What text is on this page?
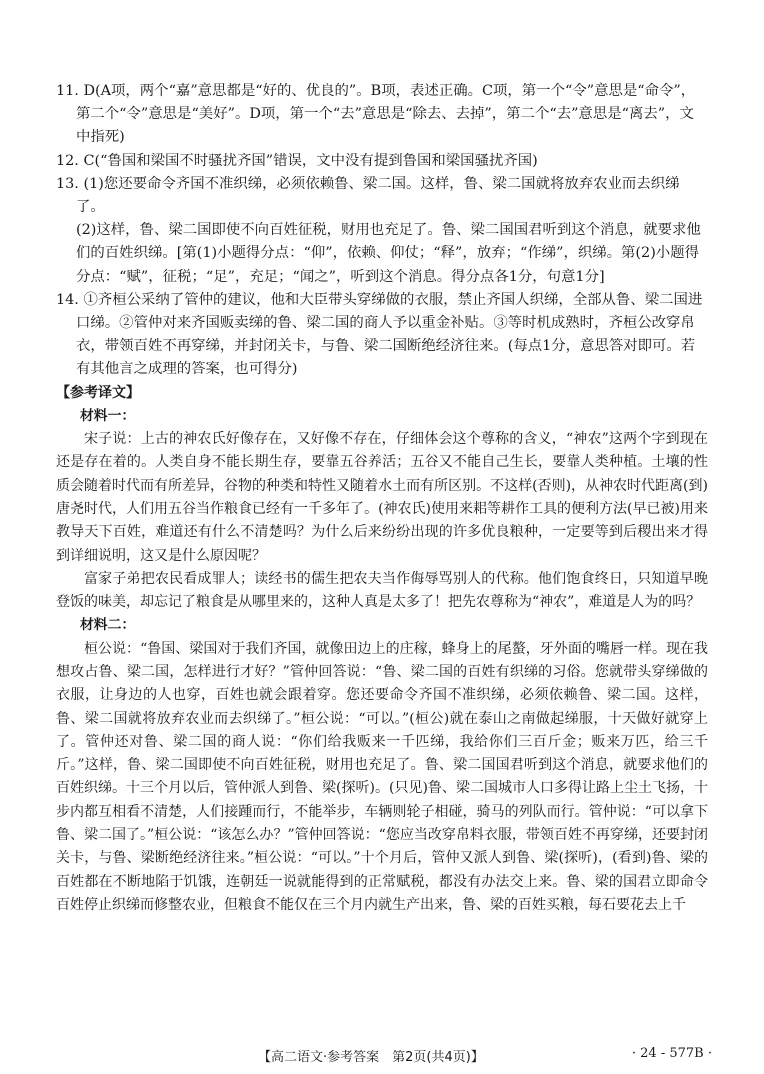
11. D(A项，两个“嘉”意思都是“好的、优良的”。B项，表述正确。C项，第一个“令”意思是“命令”，第二个“令”意思是“美好”。D项，第一个“去”意思是“除去、去掉”，第二个“去”意思是“离去”，文中指死)

12. C(“鲁国和梁国不时骚扰齐国”错误，文中没有提到鲁国和梁国骚扰齐国)

13. (1)您还要命令齐国不准织绨，必须依赖鲁、梁二国。这样，鲁、梁二国就将放弃农业而去织绨了。

(2)这样，鲁、梁二国即使不向百姓征税，财用也充足了。鲁、梁二国国君听到这个消息，就要求他们的百姓织绨。[第(1)小题得分点：“仰”，依赖、仰仗；“释”，放弃；“作绨”，织绨。第(2)小题得分点：“赋”，征税；“足”，充足；“闻之”，听到这个消息。得分点各1分，句意1分]

14. ①齐桓公采纳了管仲的建议，他和大臣带头穿绨做的衣服，禁止齐国人织绨，全部从鲁、梁二国进口绨。②管仲对来齐国贩卖绨的鲁、梁二国的商人予以重金补贴。③等时机成熟时，齐桓公改穿帛衣，带领百姓不再穿绨，并封闭关卡，与鲁、梁二国断绝经济往来。(每点1分，意思答对即可。若有其他言之成理的答案，也可得分)

【参考译文】

材料一：

宋子说：上古的神农氏好像存在，又好像不存在，仔细体会这个尊称的含义，“神农”这两个字到现在还是存在着的。人类自身不能长期生存，要靠五谷养活；五谷又不能自己生长，要靠人类种植。土壤的性质会随着时代而有所差异，谷物的种类和特性又随着水土而有所区别。不这样(否则)，从神农时代距离(到)唐尧时代，人们用五谷当作粮食已经有一千多年了。(神农氏)使用来耜等耕作工具的便利方法(早已被)用来教导天下百姓，难道还有什么不清楚吗？为什么后来纷纷出现的许多优良粮种，一定要等到后稷出来才得到详细说明，这又是什么原因呢？

富家子弟把农民看成罪人；读经书的儒生把农夫当作侮辱骂别人的代称。他们饱食终日，只知道早晚登饭的味美，却忘记了粮食是从哪里来的，这种人真是太多了！把先农尊称为“神农”，难道是人为的吗？

材料二：

桓公说：“鲁国、梁国对于我们齐国，就像田边上的庄稼，蜂身上的尾螯，牙外面的嘴唇一样。现在我想攻占鲁、梁二国，怎样进行才好？”管仲回答说：“鲁、梁二国的百姓有织绨的习俗。您就带头穿绨做的衣服，让身边的人也穿，百姓也就会跟着穿。您还要命令齐国不准织绨，必须依赖鲁、梁二国。这样，鲁、梁二国就将放弃农业而去织绨了。”桓公说：“可以。”(桓公)就在泰山之南做起绨服，十天做好就穿上了。管仲还对鲁、梁二国的商人说：“你们给我贩来一千匹绨，我给你们三百斤金；贩来万匹，给三千斤。”这样，鲁、梁二国即使不向百姓征税，财用也充足了。鲁、梁二国国君听到这个消息，就要求他们的百姓织绨。十三个月以后，管仲派人到鲁、梁(探听)。(只见)鲁、梁二国城市人口多得让路上尘土飞扬，十步内都互相看不清楚，人们接踵而行，不能举步，车辆则轮子相碰，骑马的列队而行。管仲说：“可以拿下鲁、梁二国了。”桓公说：“该怎么办？”管仲回答说：“您应当改穿帛料衣服，带领百姓不再穿绨，还要封闭关卡，与鲁、梁断绝经济往来。”桓公说：“可以。”十个月后，管仲又派人到鲁、梁(探听)，(看到)鲁、梁的百姓都在不断地陷于饥饿，连朝廷一说就能得到的正常赋税，都没有办法交上来。鲁、梁的国君立即命令百姓停止织绨而修整农业，但粮食不能仅在三个月内就生产出来，鲁、梁的百姓买粮，每石要花去上千

【高二语文·参考答案　第2页(共4页)】	· 24 - 577B ·
